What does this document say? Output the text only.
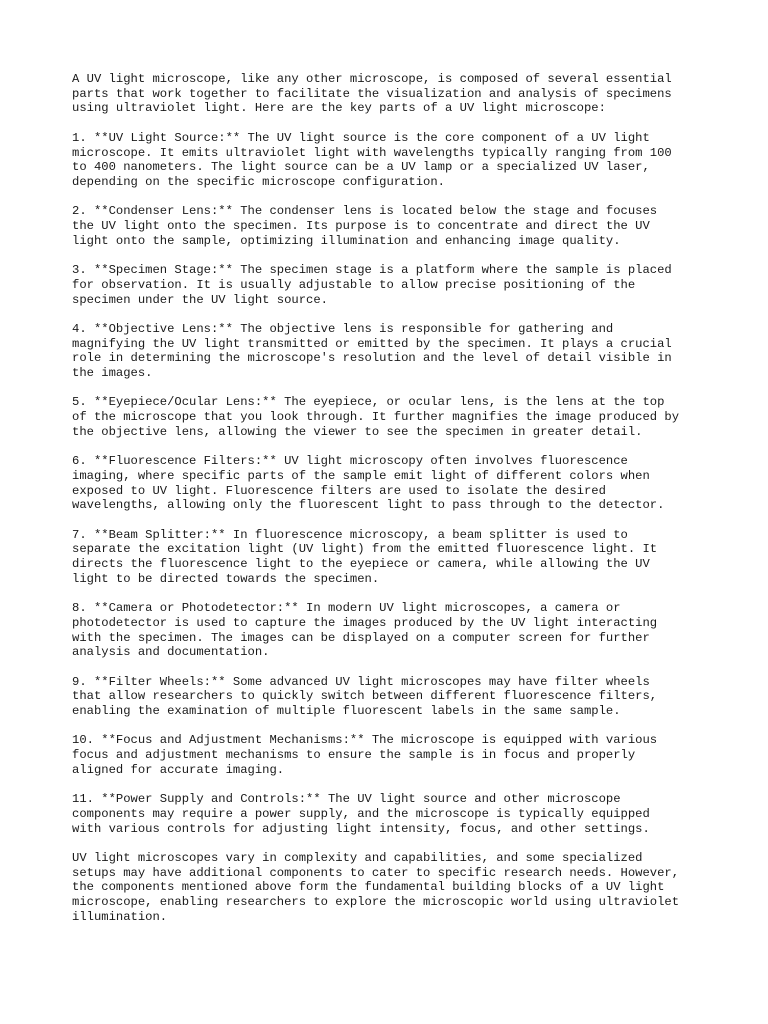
A UV light microscope, like any other microscope, is composed of several essential
parts that work together to facilitate the visualization and analysis of specimens
using ultraviolet light. Here are the key parts of a UV light microscope:

1. **UV Light Source:** The UV light source is the core component of a UV light
microscope. It emits ultraviolet light with wavelengths typically ranging from 100
to 400 nanometers. The light source can be a UV lamp or a specialized UV laser,
depending on the specific microscope configuration.

2. **Condenser Lens:** The condenser lens is located below the stage and focuses
the UV light onto the specimen. Its purpose is to concentrate and direct the UV
light onto the sample, optimizing illumination and enhancing image quality.

3. **Specimen Stage:** The specimen stage is a platform where the sample is placed
for observation. It is usually adjustable to allow precise positioning of the
specimen under the UV light source.

4. **Objective Lens:** The objective lens is responsible for gathering and
magnifying the UV light transmitted or emitted by the specimen. It plays a crucial
role in determining the microscope's resolution and the level of detail visible in
the images.

5. **Eyepiece/Ocular Lens:** The eyepiece, or ocular lens, is the lens at the top
of the microscope that you look through. It further magnifies the image produced by
the objective lens, allowing the viewer to see the specimen in greater detail.

6. **Fluorescence Filters:** UV light microscopy often involves fluorescence
imaging, where specific parts of the sample emit light of different colors when
exposed to UV light. Fluorescence filters are used to isolate the desired
wavelengths, allowing only the fluorescent light to pass through to the detector.

7. **Beam Splitter:** In fluorescence microscopy, a beam splitter is used to
separate the excitation light (UV light) from the emitted fluorescence light. It
directs the fluorescence light to the eyepiece or camera, while allowing the UV
light to be directed towards the specimen.

8. **Camera or Photodetector:** In modern UV light microscopes, a camera or
photodetector is used to capture the images produced by the UV light interacting
with the specimen. The images can be displayed on a computer screen for further
analysis and documentation.

9. **Filter Wheels:** Some advanced UV light microscopes may have filter wheels
that allow researchers to quickly switch between different fluorescence filters,
enabling the examination of multiple fluorescent labels in the same sample.

10. **Focus and Adjustment Mechanisms:** The microscope is equipped with various
focus and adjustment mechanisms to ensure the sample is in focus and properly
aligned for accurate imaging.

11. **Power Supply and Controls:** The UV light source and other microscope
components may require a power supply, and the microscope is typically equipped
with various controls for adjusting light intensity, focus, and other settings.

UV light microscopes vary in complexity and capabilities, and some specialized
setups may have additional components to cater to specific research needs. However,
the components mentioned above form the fundamental building blocks of a UV light
microscope, enabling researchers to explore the microscopic world using ultraviolet
illumination.
